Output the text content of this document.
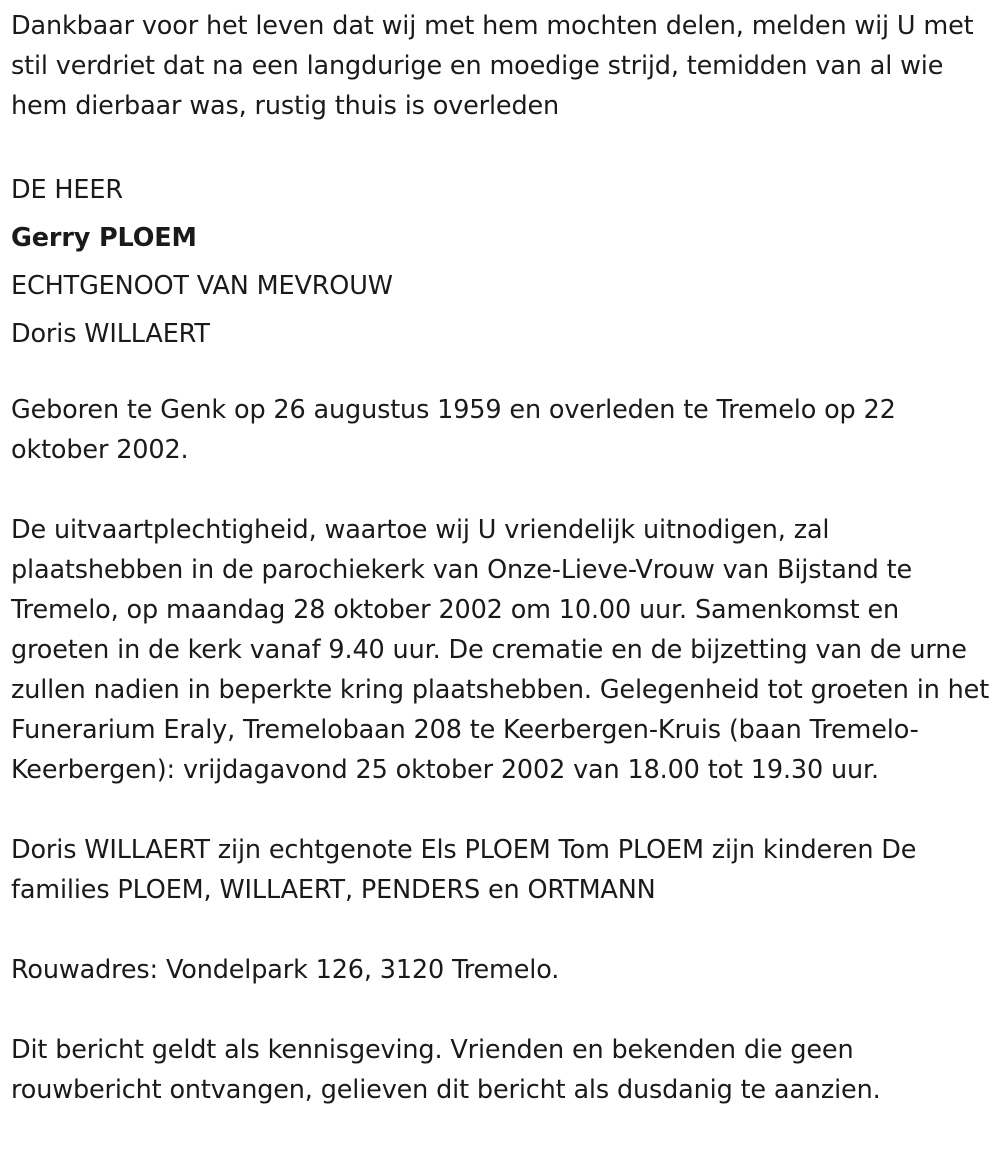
Dankbaar voor het leven dat wij met hem mochten delen, melden wij U met stil verdriet dat na een langdurige en moedige strijd, temidden van al wie hem dierbaar was, rustig thuis is overleden

DE HEER

Gerry PLOEM

ECHTGENOOT VAN MEVROUW

Doris WILLAERT

Geboren te Genk op 26 augustus 1959 en overleden te Tremelo op 22 oktober 2002.

De uitvaartplechtigheid, waartoe wij U vriendelijk uitnodigen, zal plaatshebben in de parochiekerk van Onze-Lieve-Vrouw van Bijstand te Tremelo, op maandag 28 oktober 2002 om 10.00 uur. Samenkomst en groeten in de kerk vanaf 9.40 uur. De crematie en de bijzetting van de urne zullen nadien in beperkte kring plaatshebben. Gelegenheid tot groeten in het Funerarium Eraly, Tremelobaan 208 te Keerbergen-Kruis (baan Tremelo-Keerbergen): vrijdagavond 25 oktober 2002 van 18.00 tot 19.30 uur.

Doris WILLAERT zijn echtgenote Els PLOEM Tom PLOEM zijn kinderen De families PLOEM, WILLAERT, PENDERS en ORTMANN

Rouwadres: Vondelpark 126, 3120 Tremelo.

Dit bericht geldt als kennisgeving. Vrienden en bekenden die geen rouwbericht ontvangen, gelieven dit bericht als dusdanig te aanzien.
